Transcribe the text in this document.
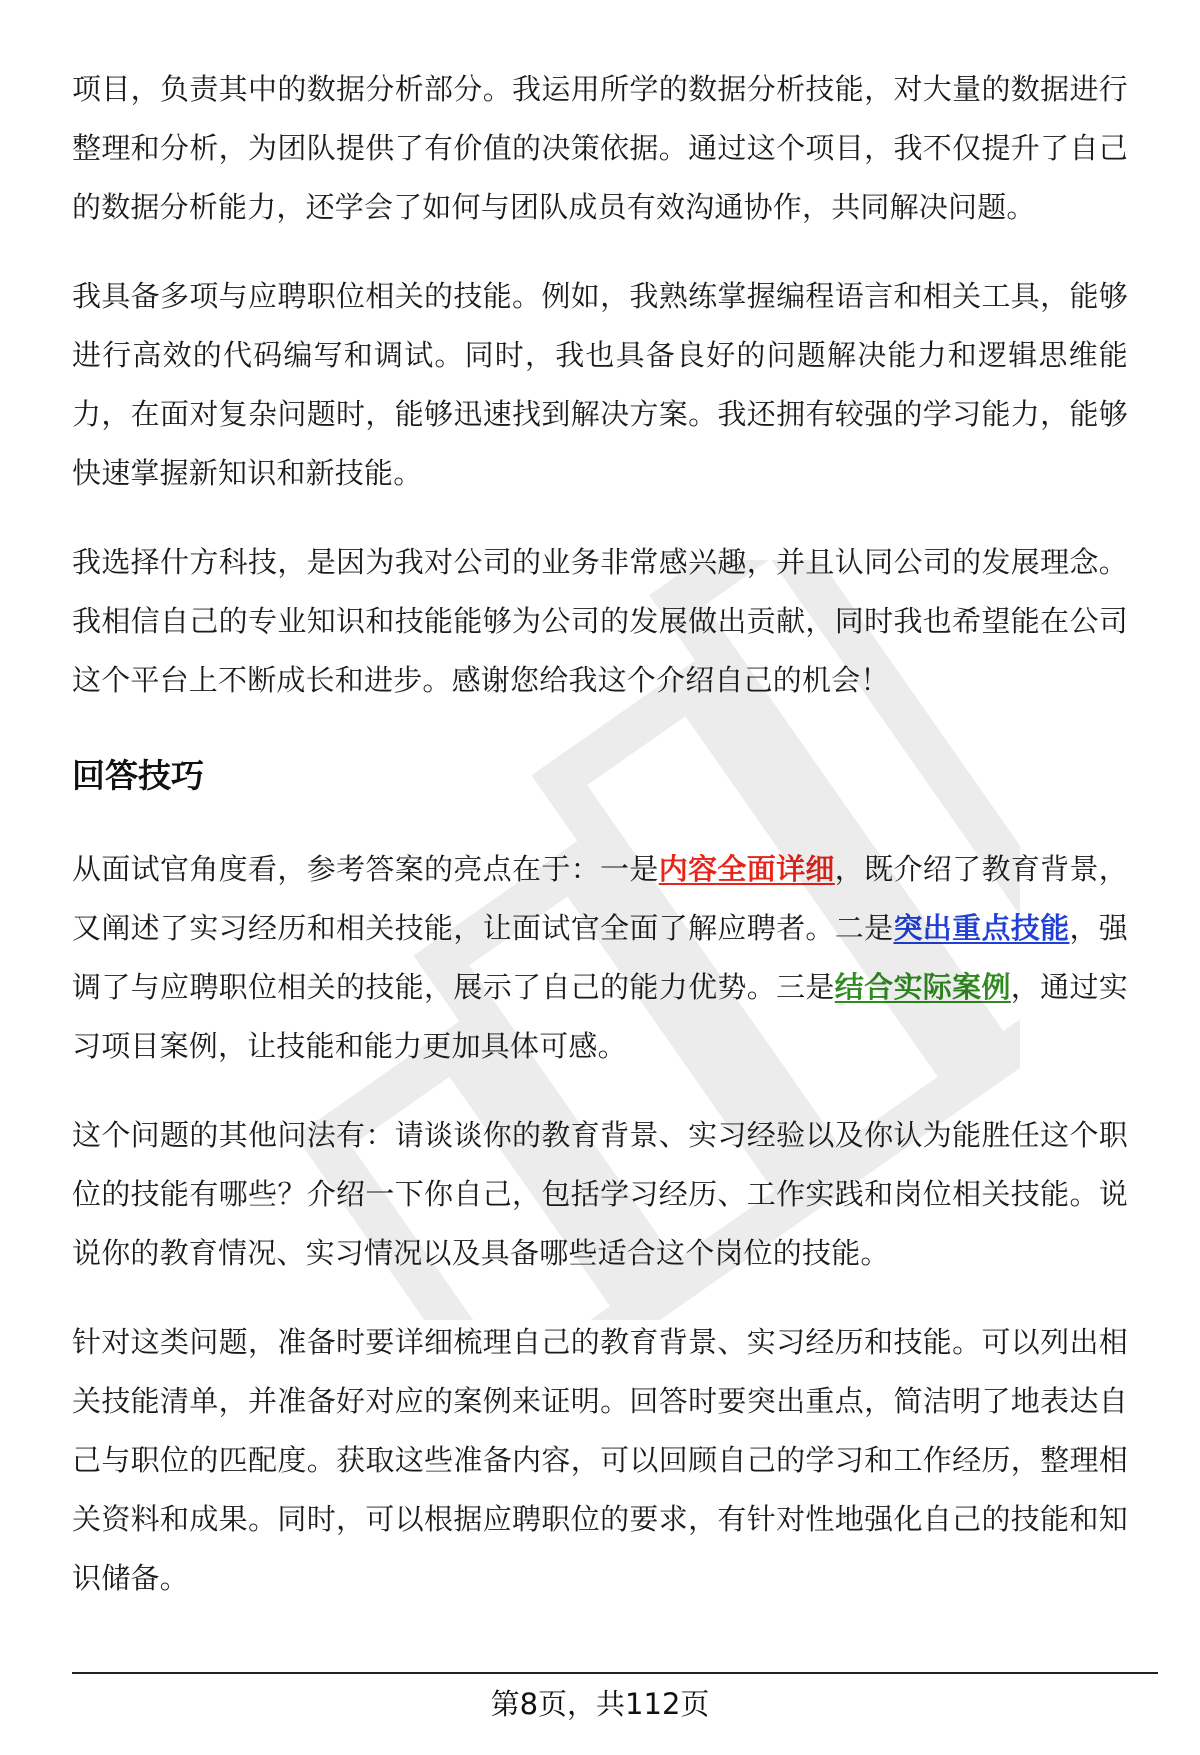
项目，负责其中的数据分析部分。我运用所学的数据分析技能，对大量的数据进行整理和分析，为团队提供了有价值的决策依据。通过这个项目，我不仅提升了自己的数据分析能力，还学会了如何与团队成员有效沟通协作，共同解决问题。

我具备多项与应聘职位相关的技能。例如，我熟练掌握编程语言和相关工具，能够进行高效的代码编写和调试。同时，我也具备良好的问题解决能力和逻辑思维能力，在面对复杂问题时，能够迅速找到解决方案。我还拥有较强的学习能力，能够快速掌握新知识和新技能。

我选择什方科技，是因为我对公司的业务非常感兴趣，并且认同公司的发展理念。我相信自己的专业知识和技能能够为公司的发展做出贡献，同时我也希望能在公司这个平台上不断成长和进步。感谢您给我这个介绍自己的机会！

回答技巧

从面试官角度看，参考答案的亮点在于：一是内容全面详细，既介绍了教育背景，又阐述了实习经历和相关技能，让面试官全面了解应聘者。二是突出重点技能，强调了与应聘职位相关的技能，展示了自己的能力优势。三是结合实际案例，通过实习项目案例，让技能和能力更加具体可感。

这个问题的其他问法有：请谈谈你的教育背景、实习经验以及你认为能胜任这个职位的技能有哪些？介绍一下你自己，包括学习经历、工作实践和岗位相关技能。说说你的教育情况、实习情况以及具备哪些适合这个岗位的技能。

针对这类问题，准备时要详细梳理自己的教育背景、实习经历和技能。可以列出相关技能清单，并准备好对应的案例来证明。回答时要突出重点，简洁明了地表达自己与职位的匹配度。获取这些准备内容，可以回顾自己的学习和工作经历，整理相关资料和成果。同时，可以根据应聘职位的要求，有针对性地强化自己的技能和知识储备。

第8页，共112页
